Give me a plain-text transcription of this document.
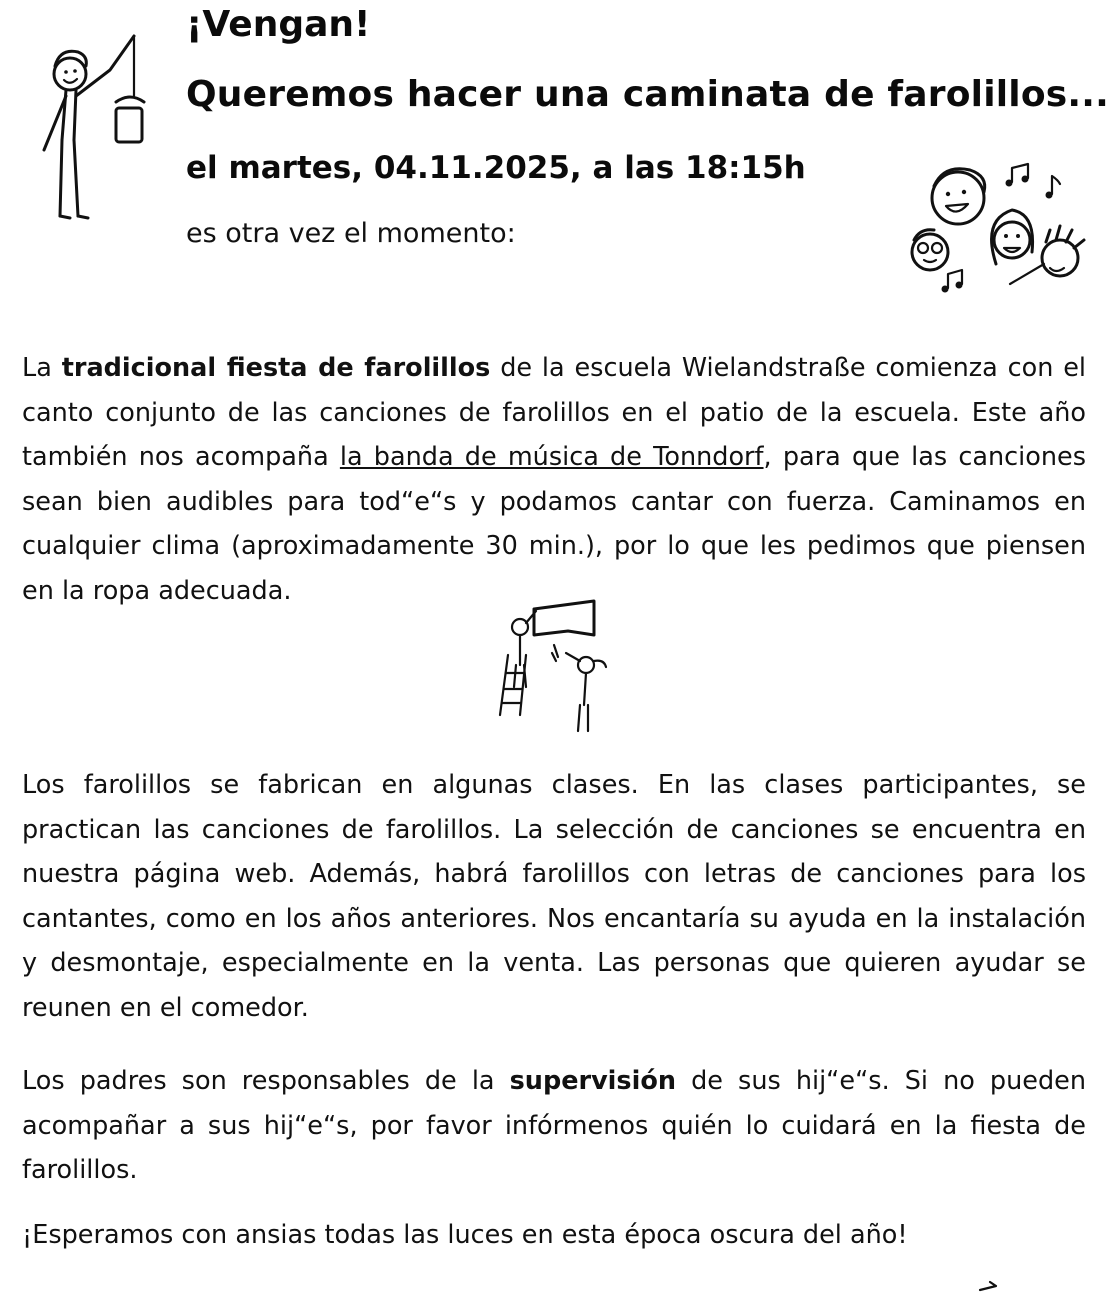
¡Vengan!
Queremos hacer una caminata de farolillos...
el martes, 04.11.2025, a las 18:15h

es otra vez el momento:

La tradicional fiesta de farolillos de la escuela Wielandstraße comienza con el canto conjunto de las canciones de farolillos en el patio de la escuela. Este año también nos acompaña la banda de música de Tonndorf, para que las canciones sean bien audibles para tod“e“s y podamos cantar con fuerza. Caminamos en cualquier clima (aproximadamente 30 min.), por lo que les pedimos que piensen en la ropa adecuada.

Los farolillos se fabrican en algunas clases. En las clases participantes, se practican las canciones de farolillos. La selección de canciones se encuentra en nuestra página web. Además, habrá farolillos con letras de canciones para los cantantes, como en los años anteriores. Nos encantaría su ayuda en la instalación y desmontaje, especialmente en la venta. Las personas que quieren ayudar se reunen en el comedor.

Los padres son responsables de la supervisión de sus hij“e“s. Si no pueden acompañar a sus hij“e“s, por favor infórmenos quién lo cuidará en la fiesta de farolillos.

¡Esperamos con ansias todas las luces en esta época oscura del año!
